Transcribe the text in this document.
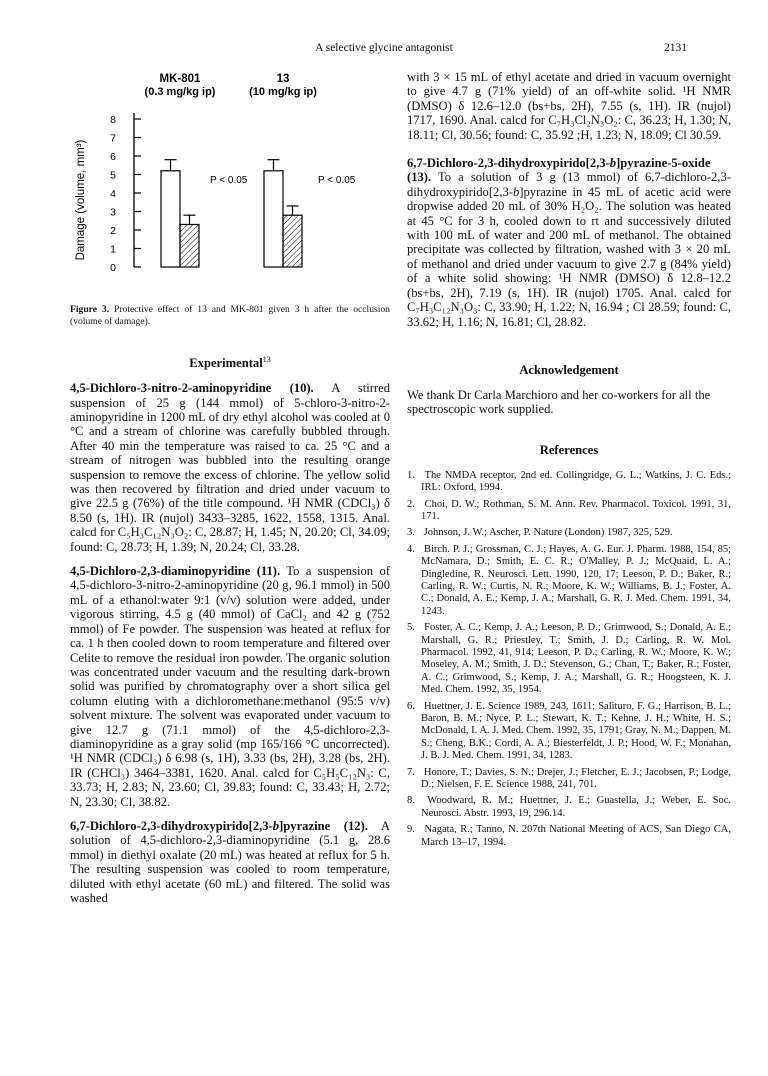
A selective glycine antagonist	2131
MK-801
(0.3 mg/kg ip)
13
(10 mg/kg ip)
Damage (volume, mm³)
8
7
6
5
4
3
2
1
0
P < 0.05	P < 0.05
Figure 3. Protective effect of 13 and MK-801 given 3 h after the occlusion (volume of damage).

Experimental$^{13}$

4,5-Dichloro-3-nitro-2-aminopyridine (10). A stirred suspension of 25 g (144 mmol) of 5-chloro-3-nitro-2-aminopyridine in 1200 mL of dry ethyl alcohol was cooled at 0 °C and a stream of chlorine was carefully bubbled through. After 40 min the temperature was raised to ca. 25 °C and a stream of nitrogen was bubbled into the resulting orange suspension to remove the excess of chlorine. The yellow solid was then recovered by filtration and dried under vacuum to give 22.5 g (76%) of the title compound. ¹H NMR (CDCl₃) δ 8.50 (s, 1H). IR (nujol) 3433–3285, 1622, 1558, 1315. Anal. calcd for C₅H₃C₁₂N₃O₂: C, 28.87; H, 1.45; N, 20.20; Cl, 34.09; found: C, 28.73; H, 1.39; N, 20.24; Cl, 33.28.

4,5-Dichloro-2,3-diaminopyridine (11). To a suspension of 4,5-dichloro-3-nitro-2-aminopyridine (20 g, 96.1 mmol) in 500 mL of a ethanol:water 9:1 (v/v) solution were added, under vigorous stirring, 4.5 g (40 mmol) of CaCl₂ and 42 g (752 mmol) of Fe powder. The suspension was heated at reflux for ca. 1 h then cooled down to room temperature and filtered over Celite to remove the residual iron powder. The organic solution was concentrated under vacuum and the resulting dark-brown solid was purified by chromatography over a short silica gel column eluting with a dichloromethane:methanol (95:5 v/v) solvent mixture. The solvent was evaporated under vacuum to give 12.7 g (71.1 mmol) of the 4,5-dichloro-2,3-diaminopyridine as a gray solid (mp 165/166 °C uncorrected). ¹H NMR (CDCl₃) δ 6.98 (s, 1H), 3.33 (bs, 2H), 3.28 (bs, 2H). IR (CHCl₃) 3464–3381, 1620. Anal. calcd for C₅H₅C₁₂N₃: C, 33.73; H, 2.83; N, 23.60; Cl, 39.83; found: C, 33.43; H, 2.72; N, 23.30; Cl, 38.82.

6,7-Dichloro-2,3-dihydroxypirido[2,3-b]pyrazine (12). A solution of 4,5-dichloro-2,3-diaminopyridine (5.1 g, 28.6 mmol) in diethyl oxalate (20 mL) was heated at reflux for 5 h. The resulting suspension was cooled to room temperature, diluted with ethyl acetate (60 mL) and filtered. The solid was washed

with 3 × 15 mL of ethyl acetate and dried in vacuum overnight to give 4.7 g (71% yield) of an off-white solid. ¹H NMR (DMSO) δ 12.6–12.0 (bs+bs, 2H), 7.55 (s, 1H). IR (nujol) 1717, 1690. Anal. calcd for C₇H₃Cl₂N₃O₂: C, 36.23; H, 1.30; N, 18.11; Cl, 30.56; found: C, 35.92 ;H, 1.23; N, 18.09; Cl 30.59.

6,7-Dichloro-2,3-dihydroxypirido[2,3-b]pyrazine-5-oxide (13). To a solution of 3 g (13 mmol) of 6,7-dichloro-2,3-dihydroxypirido[2,3-b]pyrazine in 45 mL of acetic acid were dropwise added 20 mL of 30% H₂O₂. The solution was heated at 45 °C for 3 h, cooled down to rt and successively diluted with 100 mL of water and 200 mL of methanol. The obtained precipitate was collected by filtration, washed with 3 × 20 mL of methanol and dried under vacuum to give 2.7 g (84% yield) of a white solid showing: ¹H NMR (DMSO) δ 12.8–12.2 (bs+bs, 2H), 7.19 (s, 1H). IR (nujol) 1705. Anal. calcd for C₇H₃C₁₂N₃O₃: C, 33.90; H, 1.22; N, 16.94 ; Cl 28.59; found: C, 33.62; H, 1.16; N, 16.81; Cl, 28.82.

Acknowledgement

We thank Dr Carla Marchioro and her co-workers for all the spectroscopic work supplied.

References

1. The NMDA receptor, 2nd ed. Collingridge, G. L.; Watkins, J. C. Eds.; IRL: Oxford, 1994.
2. Choi, D. W.; Rothman, S. M. Ann. Rev. Pharmacol. Toxicol. 1991, 31, 171.
3. Johnson, J. W.; Ascher, P. Nature (London) 1987, 325, 529.
4. Birch. P. J.; Grossman, C. J.; Hayes, A. G. Eur. J. Pharm. 1988, 154, 85; McNamara, D.; Smith, E. C. R.; O'Malley, P. J.; McQuaid, L. A.; Dingledine, R. Neurosci. Lett. 1990, 120, 17; Leeson, P. D.; Baker, R.; Carling, R. W.; Curtis, N. R.; Moore, K. W.; Williams, B. J.; Foster, A. C.; Donald, A. E.; Kemp, J. A.; Marshall, G. R. J. Med. Chem. 1991, 34, 1243.
5. Foster, A. C.; Kemp, J. A.; Leeson, P. D.; Grimwood, S.; Donald, A. E.; Marshall, G. R.; Priestley, T.; Smith, J. D.; Carling, R. W. Mol. Pharmacol. 1992, 41, 914; Leeson, P. D.; Carling, R. W.; Moore, K. W.; Moseley, A. M.; Smith, J. D.; Stevenson, G.; Chan, T.; Baker, R.; Foster, A. C.; Grimwood, S.; Kemp, J. A.; Marshall, G. R.; Hoogsteen, K. J. Med. Chem. 1992, 35, 1954.
6. Huettner, J. E. Science 1989, 243, 1611; Salituro, F. G.; Harrison, B. L.; Baron, B. M.; Nyce, P. L.; Stewart, K. T.; Kehne, J. H.; White, H. S.; McDonald, I. A. J. Med. Chem. 1992, 35, 1791; Gray, N. M.; Dappen, M. S.; Cheng, B.K.; Cordi, A. A.; Biesterfeldt, J. P.; Hood, W. F.; Monahan, J. B. J. Med. Chem. 1991, 34, 1283.
7. Honore, T.; Davies, S. N.; Drejer, J.; Fletcher, E. J.; Jacobsen, P.; Lodge, D.; Nielsen, F. E. Science 1988, 241, 701.
8. Woodward, R. M.; Huettner, J. E.; Guastella, J.; Weber, E. Soc. Neurosci. Abstr. 1993, 19, 296.14.
9. Nagata, R.; Tanno, N. 207th National Meeting of ACS, San Diego CA, March 13–17, 1994.
